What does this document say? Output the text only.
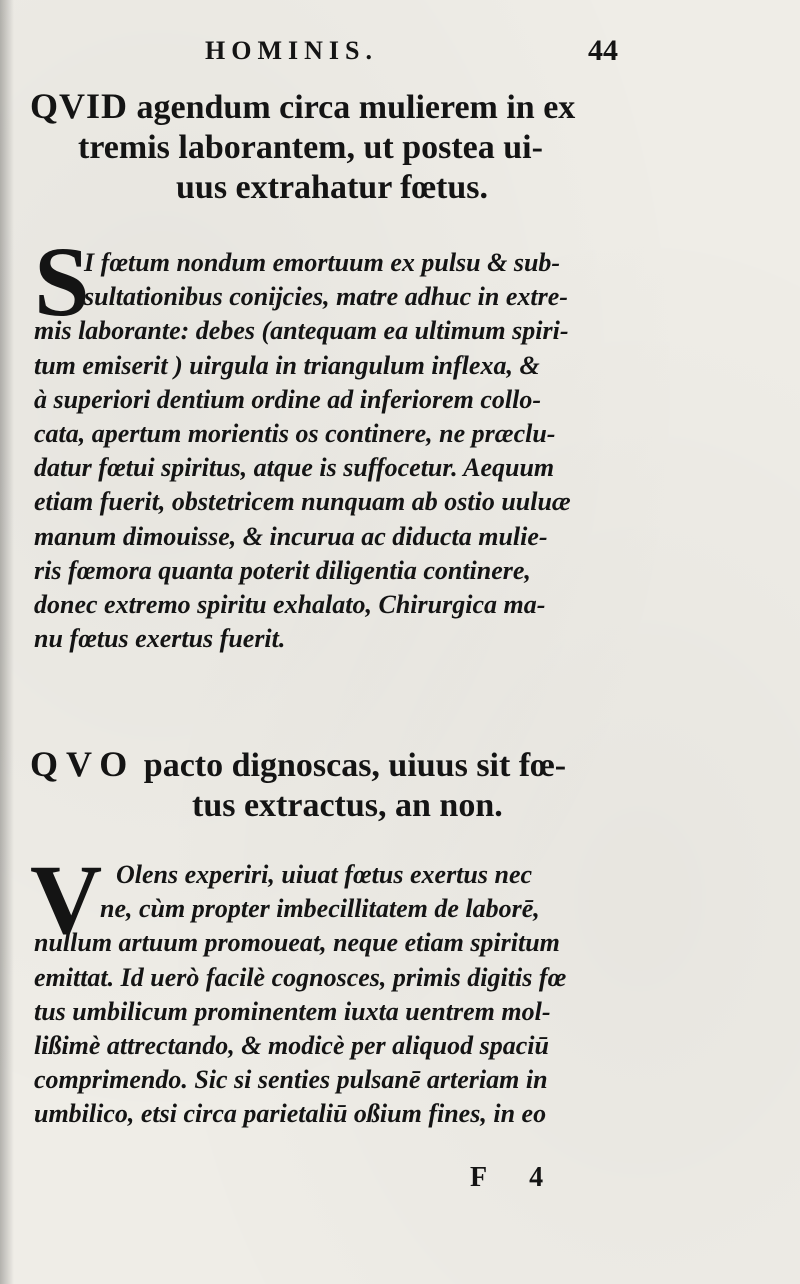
HOMINIS.	44
QVID agendum circa mulierem in ex
tremis laborantem, ut postea ui-
uus extrahatur fœtus.
S
I fœtum nondum emortuum ex pulsu & sub-
sultationibus conijcies, matre adhuc in extre-
mis laborante: debes (antequam ea ultimum spiri-
tum emiserit ) uirgula in triangulum inflexa, &
à superiori dentium ordine ad inferiorem collo-
cata, apertum morientis os continere, ne præclu-
datur fœtui spiritus, atque is suffocetur. Aequum
etiam fuerit, obstetricem nunquam ab ostio uuluæ
manum dimouisse, & incurua ac diducta mulie-
ris fœmora quanta poterit diligentia continere,
donec extremo spiritu exhalato, Chirurgica ma-
nu fœtus exertus fuerit.
QVO pacto dignoscas, uiuus sit fœ-
tus extractus, an non.
V Olens experiri, uiuat fœtus exertus nec
ne, cùm propter imbecillitatem de laborē,
nullum artuum promoueat, neque etiam spiritum
emittat. Id uerò facilè cognosces, primis digitis fœ
tus umbilicum prominentem iuxta uentrem mol-
lißimè attrectando, & modicè per aliquod spaciū
comprimendo. Sic si senties pulsanē arteriam in
umbilico, etsi circa parietaliū oßium fines, in eo
F 4
